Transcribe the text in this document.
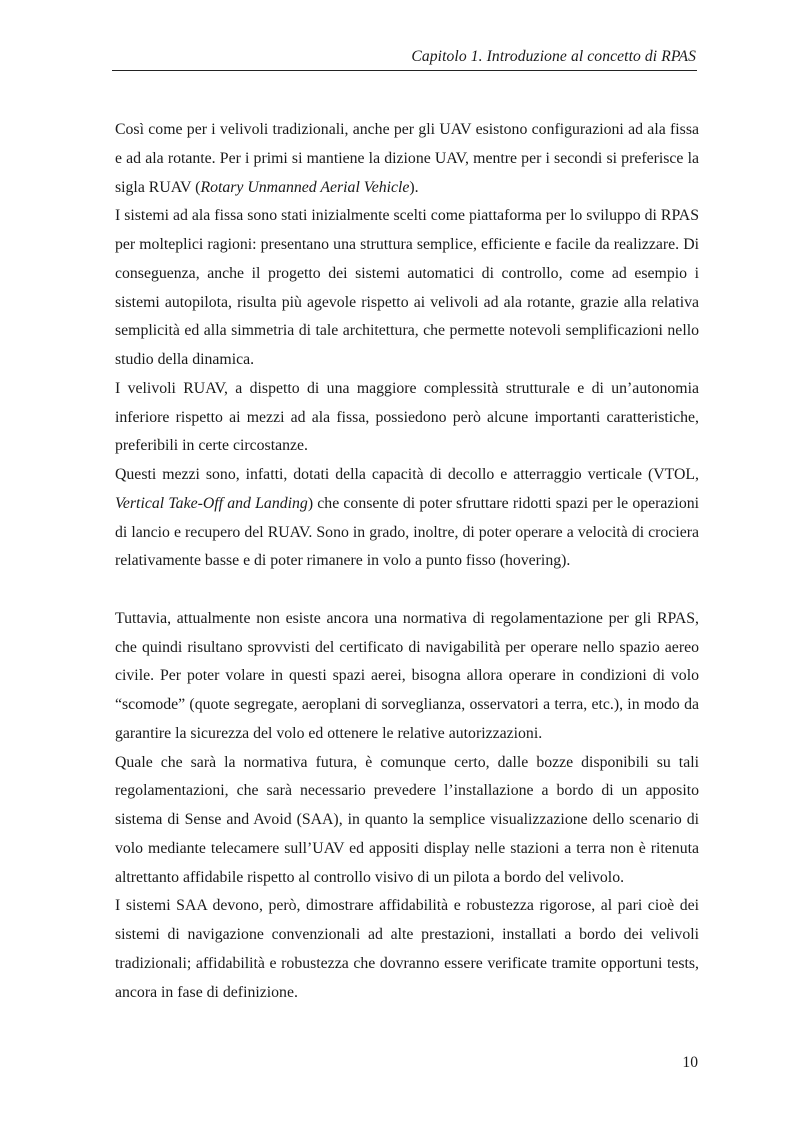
Capitolo 1. Introduzione al concetto di RPAS

Così come per i velivoli tradizionali, anche per gli UAV esistono configurazioni ad ala fissa e ad ala rotante. Per i primi si mantiene la dizione UAV, mentre per i secondi si preferisce la sigla RUAV (Rotary Unmanned Aerial Vehicle).

I sistemi ad ala fissa sono stati inizialmente scelti come piattaforma per lo sviluppo di RPAS per molteplici ragioni: presentano una struttura semplice, efficiente e facile da realizzare. Di conseguenza, anche il progetto dei sistemi automatici di controllo, come ad esempio i sistemi autopilota, risulta più agevole rispetto ai velivoli ad ala rotante, grazie alla relativa semplicità ed alla simmetria di tale architettura, che permette notevoli semplificazioni nello studio della dinamica.

I velivoli RUAV, a dispetto di una maggiore complessità strutturale e di un’autonomia inferiore rispetto ai mezzi ad ala fissa, possiedono però alcune importanti caratteristiche, preferibili in certe circostanze.

Questi mezzi sono, infatti, dotati della capacità di decollo e atterraggio verticale (VTOL, Vertical Take-Off and Landing) che consente di poter sfruttare ridotti spazi per le operazioni di lancio e recupero del RUAV. Sono in grado, inoltre, di poter operare a velocità di crociera relativamente basse e di poter rimanere in volo a punto fisso (hovering).

Tuttavia, attualmente non esiste ancora una normativa di regolamentazione per gli RPAS, che quindi risultano sprovvisti del certificato di navigabilità per operare nello spazio aereo civile. Per poter volare in questi spazi aerei, bisogna allora operare in condizioni di volo “scomode” (quote segregate, aeroplani di sorveglianza, osservatori a terra, etc.), in modo da garantire la sicurezza del volo ed ottenere le relative autorizzazioni.

Quale che sarà la normativa futura, è comunque certo, dalle bozze disponibili su tali regolamentazioni, che sarà necessario prevedere l’installazione a bordo di un apposito sistema di Sense and Avoid (SAA), in quanto la semplice visualizzazione dello scenario di volo mediante telecamere sull’UAV ed appositi display nelle stazioni a terra non è ritenuta altrettanto affidabile rispetto al controllo visivo di un pilota a bordo del velivolo.

I sistemi SAA devono, però, dimostrare affidabilità e robustezza rigorose, al pari cioè dei sistemi di navigazione convenzionali ad alte prestazioni, installati a bordo dei velivoli tradizionali; affidabilità e robustezza che dovranno essere verificate tramite opportuni tests, ancora in fase di definizione.

10
